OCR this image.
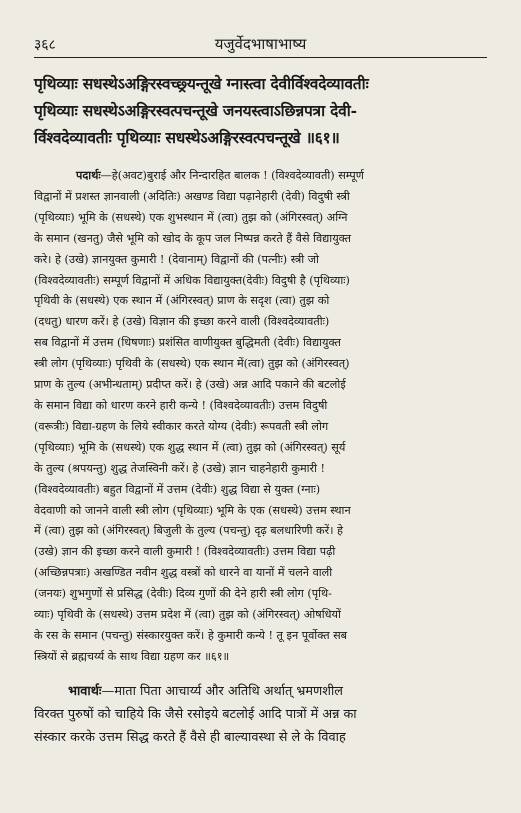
३६८	यजुर्वेदभाषाभाष्य
पृथिव्याः सधस्थेऽअङ्गिरस्वच्छ्र्यन्तूखे ग्नास्त्वा देवीर्विश्वदेव्यावतीः
पृथिव्याः सधस्थेऽअङ्गिरस्वत्पचन्तूखे जनयस्त्वाऽछिन्नपत्रा देवी-
र्विश्वदेव्यावतीः पृथिव्याः सधस्थेऽअङ्गिरस्वत्पचन्तूखे ॥६१॥
पदार्थः—हे(अवट)बुराई और निन्दारहित बालक ! (विश्वदेव्यावती) सम्पूर्ण
विद्वानों में प्रशस्त ज्ञानवाली (अदितिः) अखण्ड विद्या पढ़ानेहारी (देवी) विदुषी स्त्री
(पृथिव्याः) भूमि के (सधस्थे) एक शुभस्थान में (त्वा) तुझ को (अंगिरस्वत्) अग्नि
के समान (खनतु) जैसे भूमि को खोद के कूप जल निष्पन्न करते हैं वैसे विद्यायुक्त
करे। हे (उखे) ज्ञानयुक्त कुमारी ! (देवानाम्) विद्वानों की (पत्नीः) स्त्री जो
(विश्वदेव्यावतीः) सम्पूर्ण विद्वानों में अधिक विद्यायुक्त(देवीः) विदुषी है (पृथिव्याः)
पृथिवी के (सधस्थे) एक स्थान में (अंगिरस्वत्) प्राण के सदृश (त्वा) तुझ को
(दधतु) धारण करें। हे (उखे) विज्ञान की इच्छा करने वाली (विश्वदेव्यावतीः)
सब विद्वानों में उत्तम (धिषणाः) प्रशंसित वाणीयुक्त बुद्धिमती (देवीः) विद्यायुक्त
स्त्री लोग (पृथिव्याः) पृथिवी के (सधस्थे) एक स्थान में(त्वा) तुझ को (अंगिरस्वत्)
प्राण के तुल्य (अभीन्धताम्) प्रदीप्त करें। हे (उखे) अन्न आदि पकाने की बटलोई
के समान विद्या को धारण करने हारी कन्ये ! (विश्वदेव्यावतीः) उत्तम विदुषी
(वरूत्रीः) विद्या-ग्रहण के लिये स्वीकार करते योग्य (देवीः) रूपवती स्त्री लोग
(पृथिव्याः) भूमि के (सधस्थे) एक शुद्ध स्थान में (त्वा) तुझ को (अंगिरस्वत्) सूर्य
के तुल्य (श्रपयन्तु) शुद्ध तेजस्विनी करें। हे (उखे) ज्ञान चाहनेहारी कुमारी !
(विश्वदेव्यावतीः) बहुत विद्वानों में उत्तम (देवीः) शुद्ध विद्या से युक्त (ग्नाः)
वेदवाणी को जानने वाली स्त्री लोग (पृथिव्याः) भूमि के एक (सधस्थे) उत्तम स्थान
में (त्वा) तुझ को (अंगिरस्वत्) बिजुली के तुल्य (पचन्तु) दृढ़ बलधारिणी करें। हे
(उखे) ज्ञान की इच्छा करने वाली कुमारी ! (विश्वदेव्यावतीः) उत्तम विद्या पढ़ी
(अच्छिन्नपत्राः) अखण्डित नवीन शुद्ध वस्त्रों को धारने वा यानों में चलने वाली
(जनयः) शुभगुणों से प्रसिद्ध (देवीः) दिव्य गुणों की देने हारी स्त्री लोग (पृथि-
व्याः) पृथिवी के (सधस्थे) उत्तम प्रदेश में (त्वा) तुझ को (अंगिरस्वत्) ओषधियों
के रस के समान (पचन्तु) संस्कारयुक्त करें। हे कुमारी कन्ये ! तू इन पूर्वोक्त सब
स्त्रियों से ब्रह्मचर्य्य के साथ विद्या ग्रहण कर ॥६१॥
भावार्थः—माता पिता आचार्य्य और अतिथि अर्थात् भ्रमणशील
विरक्त पुरुषों को चाहिये कि जैसे रसोइये बटलोई आदि पात्रों में अन्न का
संस्कार करके उत्तम सिद्ध करते हैं वैसे ही बाल्यावस्था से ले के विवाह
